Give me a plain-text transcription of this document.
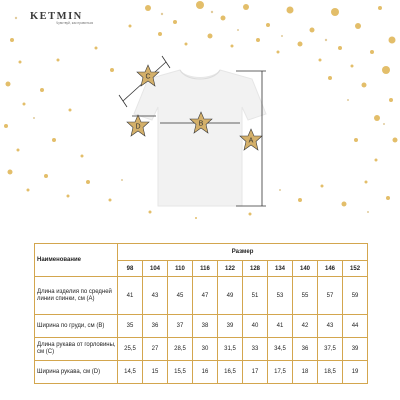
KETMIN
Чувствуй, как нравиться
C
D	B
A
Наименование	Размер									
	98	104	110	116	122	128	134	140	146	152
Длина изделия по средней линии спинки, см (А)	41	43	45	47	49	51	53	55	57	59
Ширина по груди, см (В)	35	36	37	38	39	40	41	42	43	44
Длина рукава от горловины, см (С)	25,5	27	28,5	30	31,5	33	34,5	36	37,5	39
Ширина рукава, см (D)	14,5	15	15,5	16	16,5	17	17,5	18	18,5	19
